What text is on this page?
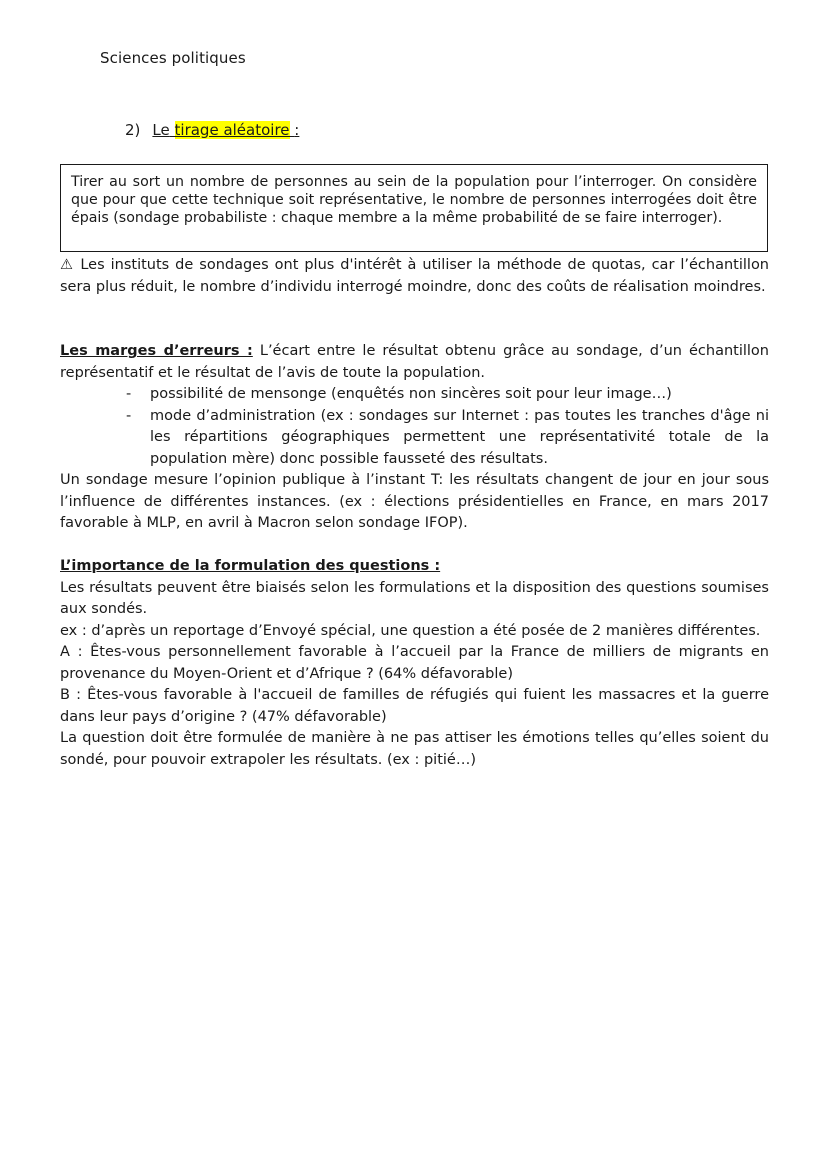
Sciences politiques
2) Le tirage aléatoire :
Tirer au sort un nombre de personnes au sein de la population pour l’interroger. On considère que pour que cette technique soit représentative, le nombre de personnes interrogées doit être épais (sondage probabiliste : chaque membre a la même probabilité de se faire interroger).
⚠ Les instituts de sondages ont plus d'intérêt à utiliser la méthode de quotas, car l’échantillon sera plus réduit, le nombre d’individu interrogé moindre, donc des coûts de réalisation moindres.
Les marges d’erreurs : L’écart entre le résultat obtenu grâce au sondage, d’un échantillon représentatif et le résultat de l’avis de toute la population.
- possibilité de mensonge (enquêtés non sincères soit pour leur image…)
- mode d’administration (ex : sondages sur Internet : pas toutes les tranches d'âge ni les répartitions géographiques permettent une représentativité totale de la population mère) donc possible fausseté des résultats.
Un sondage mesure l’opinion publique à l’instant T: les résultats changent de jour en jour sous l’influence de différentes instances. (ex : élections présidentielles en France, en mars 2017 favorable à MLP, en avril à Macron selon sondage IFOP).
L’importance de la formulation des questions :
Les résultats peuvent être biaisés selon les formulations et la disposition des questions soumises aux sondés.
ex : d’après un reportage d’Envoyé spécial, une question a été posée de 2 manières différentes.
A : Êtes-vous personnellement favorable à l’accueil par la France de milliers de migrants en provenance du Moyen-Orient et d’Afrique ? (64% défavorable)
B : Êtes-vous favorable à l'accueil de familles de réfugiés qui fuient les massacres et la guerre dans leur pays d’origine ? (47% défavorable)
La question doit être formulée de manière à ne pas attiser les émotions telles qu’elles soient du sondé, pour pouvoir extrapoler les résultats. (ex : pitié…)
